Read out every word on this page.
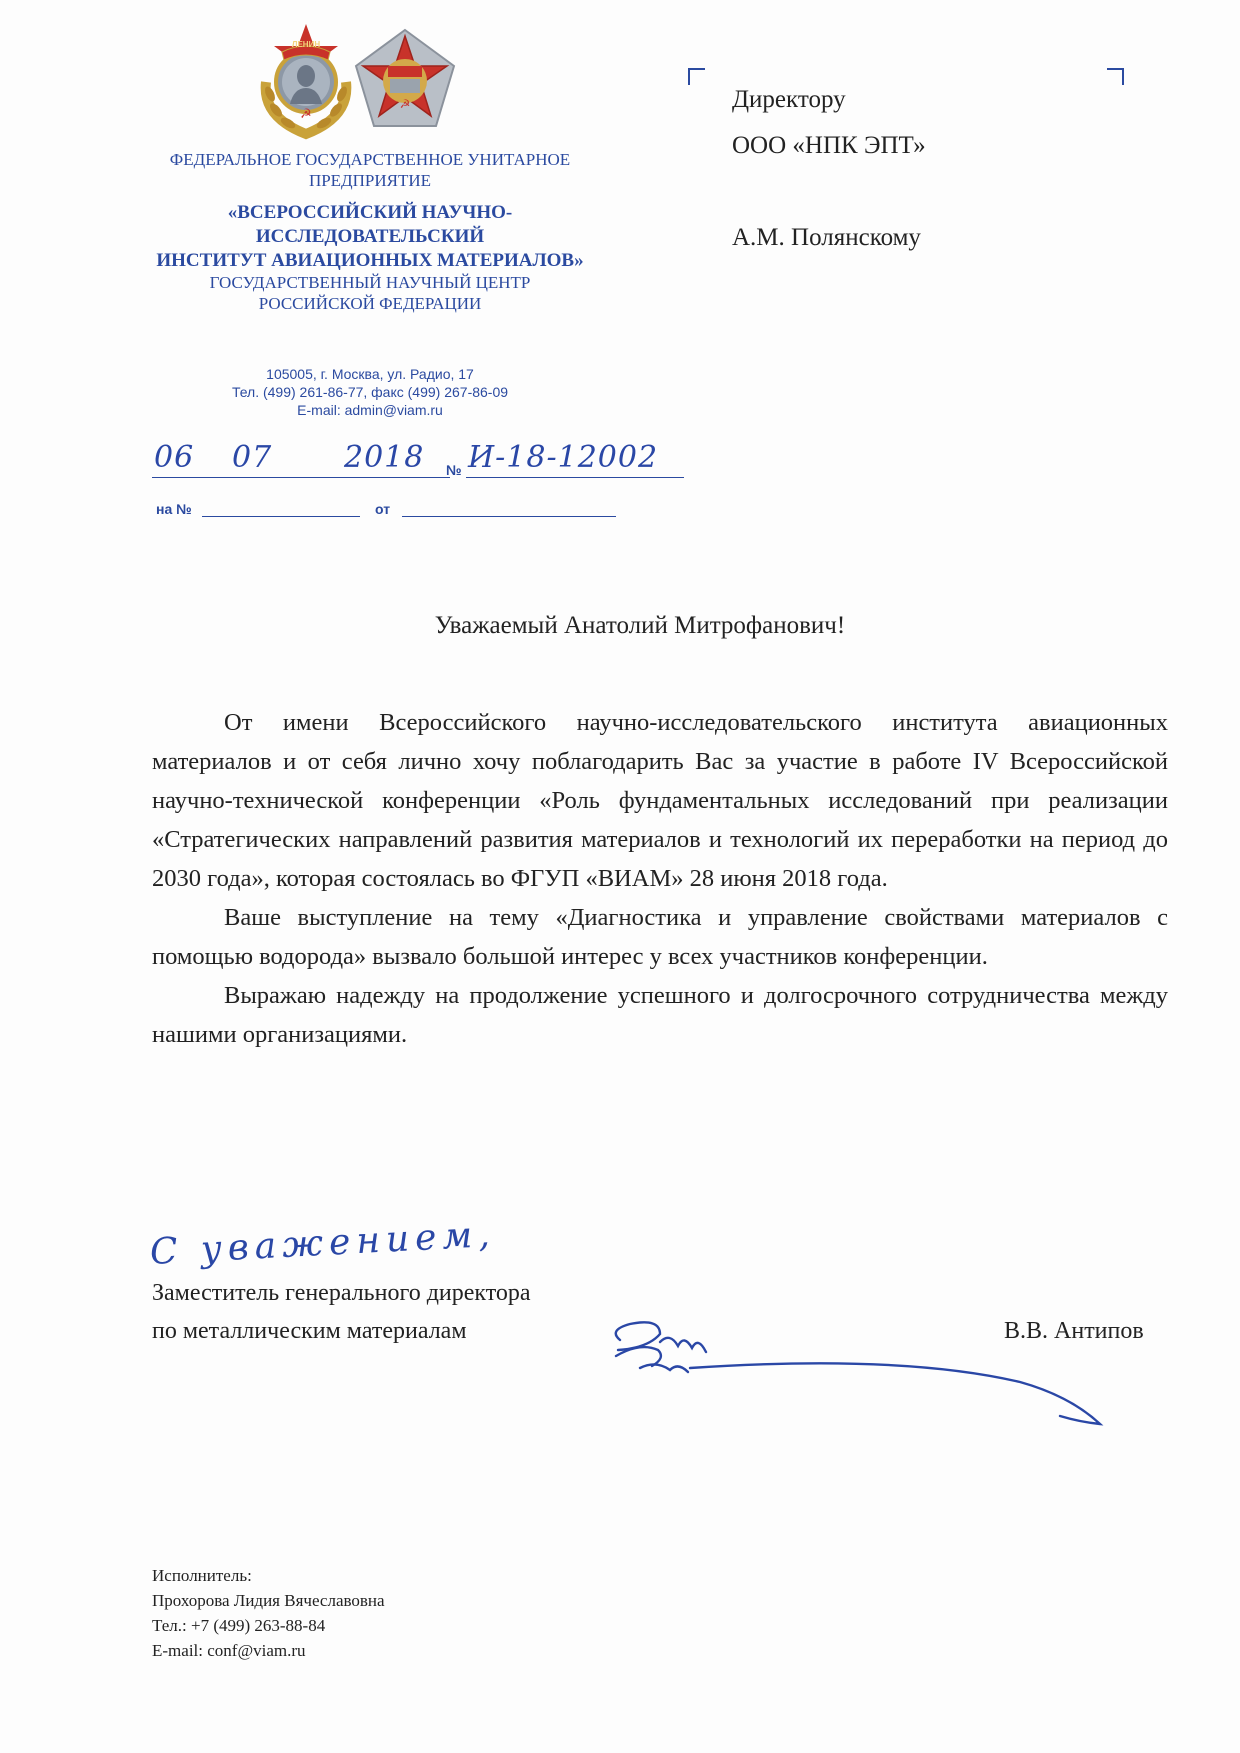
☭
ЛЕНИН
☭
ФЕДЕРАЛЬНОЕ ГОСУДАРСТВЕННОЕ УНИТАРНОЕ
ПРЕДПРИЯТИЕ
«ВСЕРОССИЙСКИЙ НАУЧНО-
ИССЛЕДОВАТЕЛЬСКИЙ
ИНСТИТУТ АВИАЦИОННЫХ МАТЕРИАЛОВ»
ГОСУДАРСТВЕННЫЙ НАУЧНЫЙ ЦЕНТР
РОССИЙСКОЙ ФЕДЕРАЦИИ
105005, г. Москва, ул. Радио, 17
Тел. (499) 261-86-77, факс (499) 267-86-09
E-mail: admin@viam.ru
06 07 2018 № И-18-12002
на №	от
Директору
ООО «НПК ЭПТ»
А.М. Полянскому
Уважаемый Анатолий Митрофанович!

От имени Всероссийского научно-исследовательского института авиационных материалов и от себя лично хочу поблагодарить Вас за участие в работе IV Всероссийской научно-технической конференции «Роль фундаментальных исследований при реализации «Стратегических направлений развития материалов и технологий их переработки на период до 2030 года», которая состоялась во ФГУП «ВИАМ» 28 июня 2018 года.

Ваше выступление на тему «Диагностика и управление свойствами материалов с помощью водорода» вызвало большой интерес у всех участников конференции.

Выражаю надежду на продолжение успешного и долгосрочного сотрудничества между нашими организациями.

С уважением,
Заместитель генерального директора
по металлическим материалам	В.В. Антипов
Исполнитель:
Прохорова Лидия Вячеславовна
Тел.: +7 (499) 263-88-84
E-mail: conf@viam.ru
